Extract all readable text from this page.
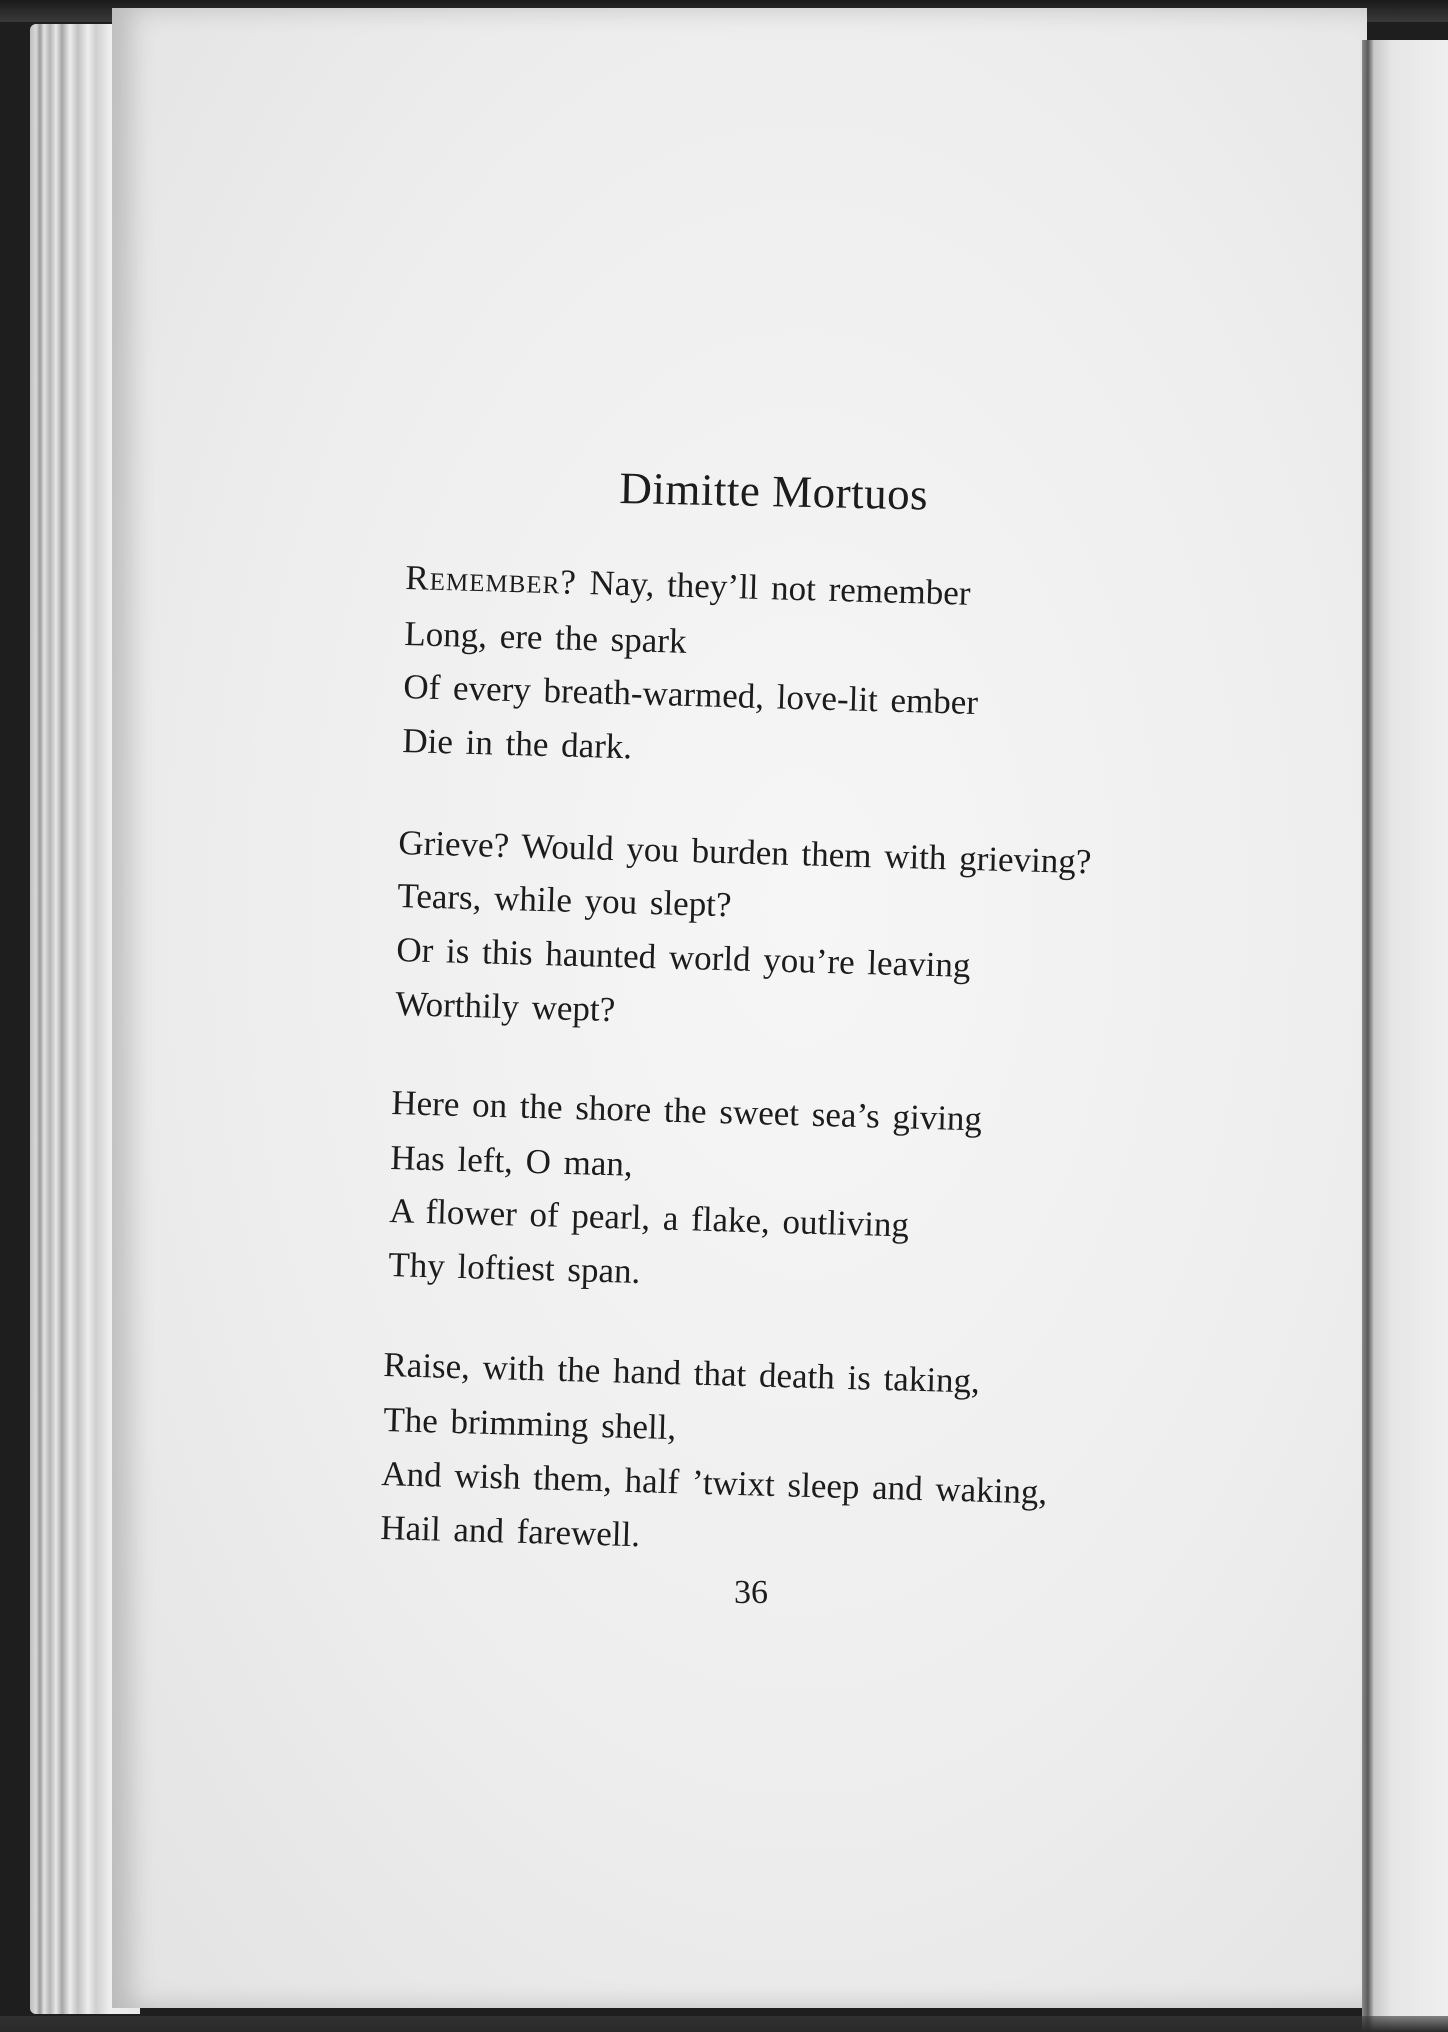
Dimitte Mortuos

Remember? Nay, they’ll not remember

Long, ere the spark

Of every breath-warmed, love-lit ember

Die in the dark.

Grieve? Would you burden them with grieving?

Tears, while you slept?

Or is this haunted world you’re leaving

Worthily wept?

Here on the shore the sweet sea’s giving

Has left, O man,

A flower of pearl, a flake, outliving

Thy loftiest span.

Raise, with the hand that death is taking,

The brimming shell,

And wish them, half ’twixt sleep and waking,

Hail and farewell.

36
